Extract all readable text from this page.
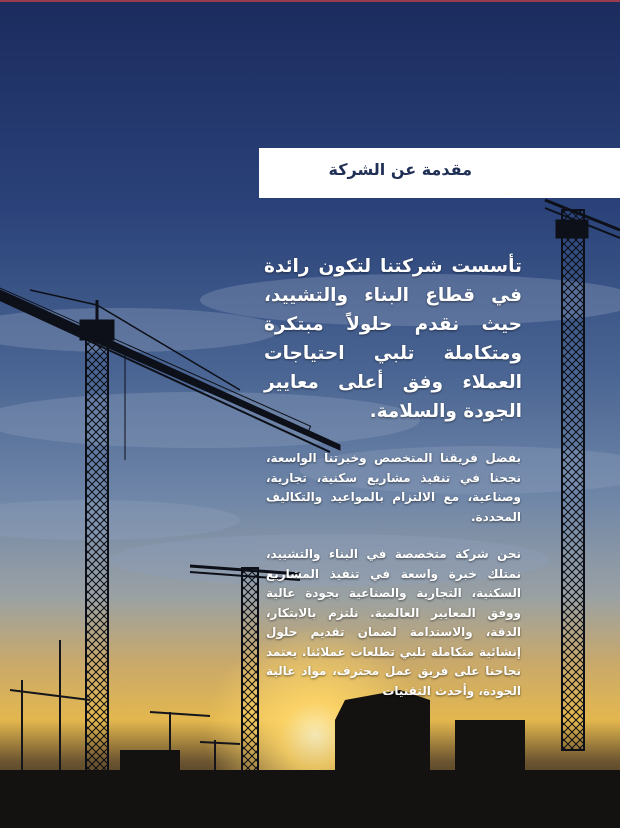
مقدمة عن الشركة
تأسست شركتنا لتكون رائدة في قطاع البناء والتشييد، حيث نقدم حلولاً مبتكرة ومتكاملة تلبي احتياجات العملاء وفق أعلى معايير الجودة والسلامة.
بفضل فريقنا المتخصص وخبرتنا الواسعة، نجحنا في تنفيذ مشاريع سكنية، تجارية، وصناعية، مع الالتزام بالمواعيد والتكاليف المحددة.
نحن شركة متخصصة في البناء والتشييد، نمتلك خبرة واسعة في تنفيذ المشاريع السكنية، التجارية والصناعية بجودة عالية ووفق المعايير العالمية. نلتزم بالابتكار، الدقة، والاستدامة لضمان تقديم حلول إنشائية متكاملة تلبي تطلعات عملائنا. يعتمد نجاحنا على فريق عمل محترف، مواد عالية الجودة، وأحدث التقنيات
